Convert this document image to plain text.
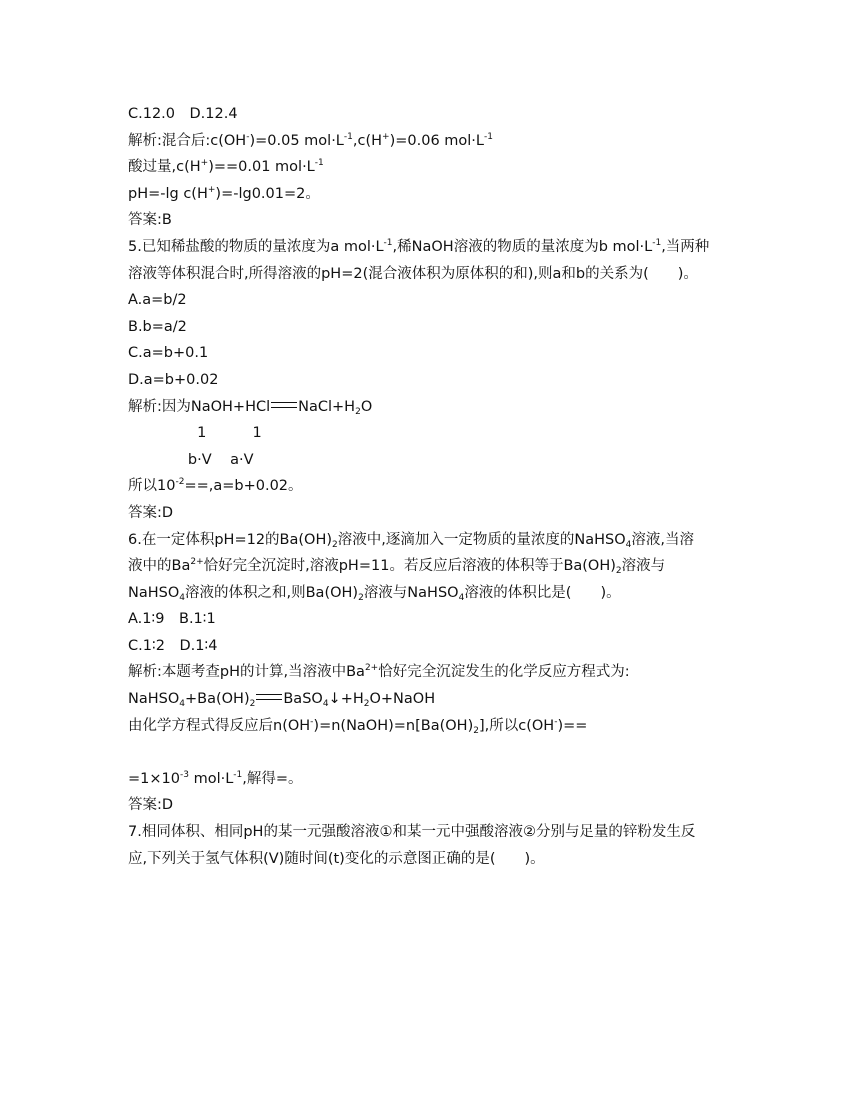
C.12.0　D.12.4
解析:混合后:c(OH-)=0.05 $mol\cdot L^{-1},c(H^+)=0.06$ $mol\cdot L^{-1}$
酸过量,c(H+)==0.01 $mol\cdot L^{-1}$
pH=-lg c(H+)=-lg0.01=2。
答案:B
5.已知稀盐酸的物质的量浓度为a $mol\cdot L^{-1}$,稀NaOH溶液的物质的量浓度为b $mol\cdot L^{-1}$,当两种
溶液等体积混合时,所得溶液的pH=2(混合液体积为原体积的和),则a和b的关系为(　　)。
A.a=b/2
B.b=a/2
C.a=b+0.1
D.a=b+0.02
解析:因为NaOH+HCl $NaCl+H_2O$
1          1
b·V    a·V
所以$10^{-2}==,a=b+0.02$。
答案:D
6.在一定体积pH=12的$Ba(OH)_2$溶液中,逐滴加入一定物质的量浓度的NaHSO$_4$溶液,当溶
液中的$Ba^{2+}$恰好完全沉淀时,溶液pH=11。若反应后溶液的体积等于$Ba(OH)_2$溶液与
NaHSO$_4$溶液的体积之和,则$Ba(OH)_2$溶液与NaHSO$_4$溶液的体积比是(　　)。
A.1∶9　B.1∶1
C.1∶2　D.1∶4
解析:本题考查pH的计算,当溶液中$Ba^{2+}$恰好完全沉淀发生的化学反应方程式为:
$NaHSO_4+Ba(OH)_2$ $BaSO_4↓+H_2O+NaOH$
由化学方程式得反应后$n(OH^-)=n(NaOH)=n[Ba(OH)_2]$,所以c(OH-)==
$=1\times 10^{-3}$ $mol\cdot L^{-1}$,解得=。
答案:D
7.相同体积、相同pH的某一元强酸溶液①和某一元中强酸溶液②分别与足量的锌粉发生反
应,下列关于氢气体积(V)随时间(t)变化的示意图正确的是(　　)。
